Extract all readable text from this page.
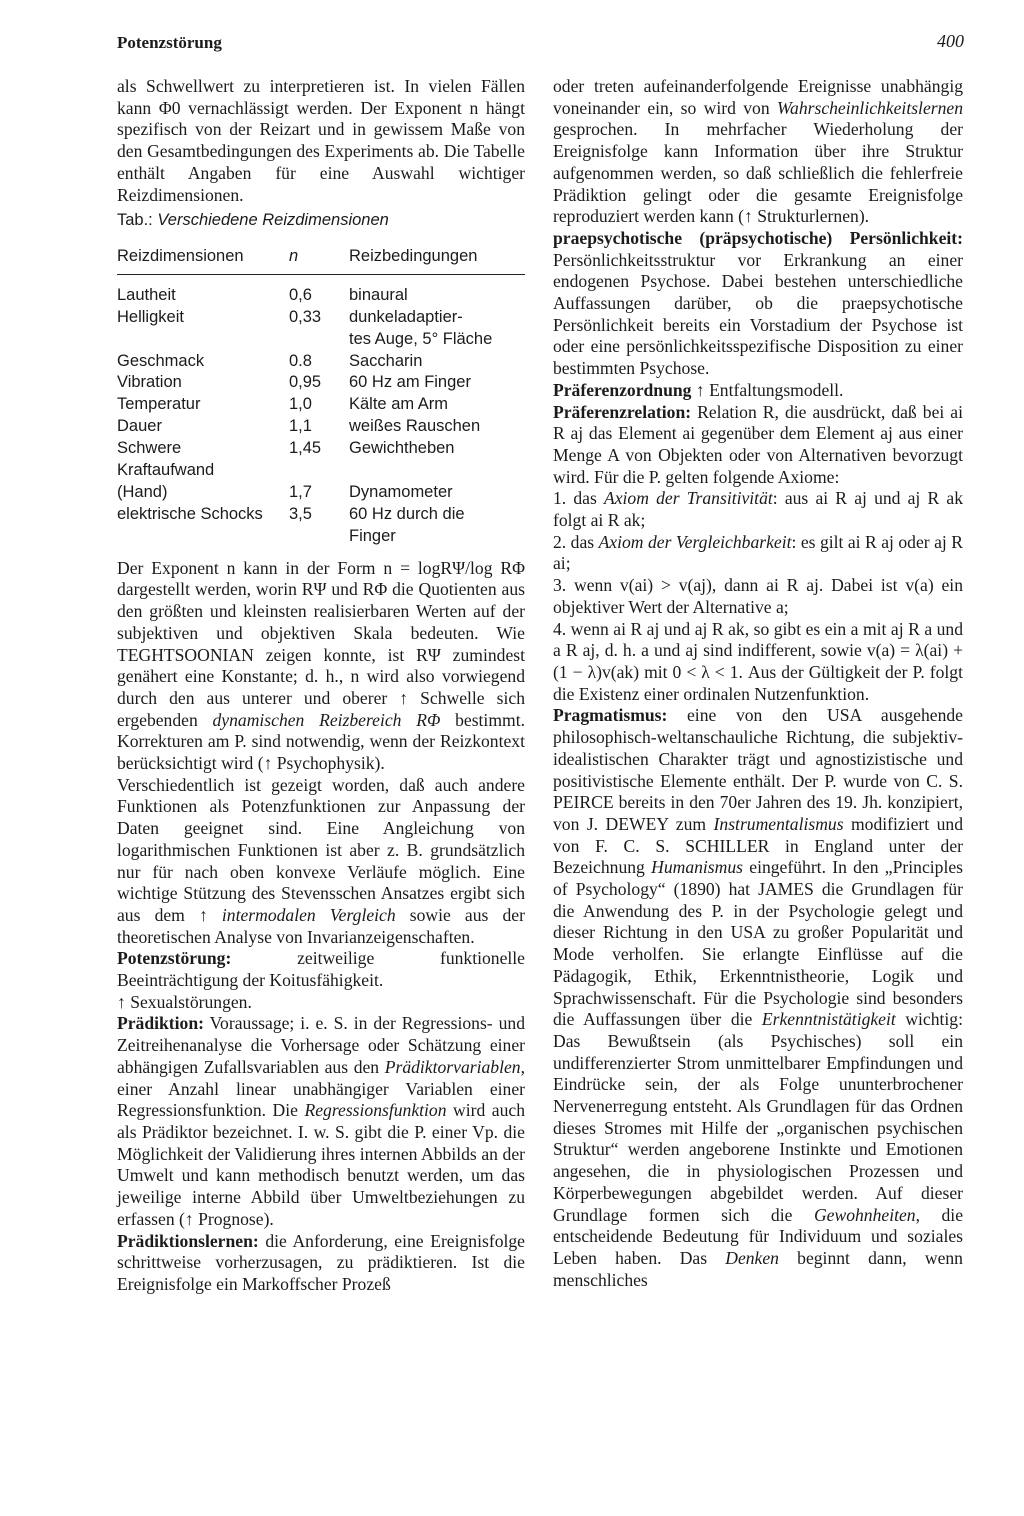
Potenzstörung	400

als Schwellwert zu interpretieren ist. In vielen Fällen kann Φ0 vernachlässigt werden. Der Exponent n hängt spezifisch von der Reizart und in gewissem Maße von den Gesamtbedingungen des Experiments ab. Die Tabelle enthält Angaben für eine Auswahl wichtiger Reizdimensionen.

Tab.: Verschiedene Reizdimensionen
Reizdimensionen	n	Reizbedingungen
Lautheit	0,6	binaural
Helligkeit	0,33	dunkeladaptier-
		tes Auge, 5° Fläche
Geschmack	0.8	Saccharin
Vibration	0,95	60 Hz am Finger
Temperatur	1,0	Kälte am Arm
Dauer	1,1	weißes Rauschen
Schwere	1,45	Gewichtheben
Kraftaufwand		
(Hand)	1,7	Dynamometer
elektrische Schocks	3,5	60 Hz durch die
		Finger

Der Exponent n kann in der Form n = logRΨ/log RΦ dargestellt werden, worin RΨ und RΦ die Quotienten aus den größten und kleinsten realisierbaren Werten auf der subjektiven und objektiven Skala bedeuten. Wie TEGHTSOONIAN zeigen konnte, ist RΨ zumindest genähert eine Konstante; d. h., n wird also vorwiegend durch den aus unterer und oberer ↑ Schwelle sich ergebenden dynamischen Reizbereich RΦ bestimmt. Korrekturen am P. sind notwendig, wenn der Reizkontext berücksichtigt wird (↑ Psychophysik).

Verschiedentlich ist gezeigt worden, daß auch andere Funktionen als Potenzfunktionen zur Anpassung der Daten geeignet sind. Eine Angleichung von logarithmischen Funktionen ist aber z. B. grundsätzlich nur für nach oben konvexe Verläufe möglich. Eine wichtige Stützung des Stevensschen Ansatzes ergibt sich aus dem ↑ intermodalen Vergleich sowie aus der theoretischen Analyse von Invarianzeigenschaften.

Potenzstörung: zeitweilige funktionelle Beeinträchtigung der Koitusfähigkeit.

↑ Sexualstörungen.

Prädiktion: Voraussage; i. e. S. in der Regressions- und Zeitreihenanalyse die Vorhersage oder Schätzung einer abhängigen Zufallsvariablen aus den Prädiktorvariablen, einer Anzahl linear unabhängiger Variablen einer Regressionsfunktion. Die Regressionsfunktion wird auch als Prädiktor bezeichnet. I. w. S. gibt die P. einer Vp. die Möglichkeit der Validierung ihres internen Abbilds an der Umwelt und kann methodisch benutzt werden, um das jeweilige interne Abbild über Umweltbeziehungen zu erfassen (↑ Prognose).

Prädiktionslernen: die Anforderung, eine Ereignisfolge schrittweise vorherzusagen, zu prädiktieren. Ist die Ereignisfolge ein Markoffscher Prozeß

oder treten aufeinanderfolgende Ereignisse unabhängig voneinander ein, so wird von Wahrscheinlichkeitslernen gesprochen. In mehrfacher Wiederholung der Ereignisfolge kann Information über ihre Struktur aufgenommen werden, so daß schließlich die fehlerfreie Prädiktion gelingt oder die gesamte Ereignisfolge reproduziert werden kann (↑ Strukturlernen).

praepsychotische (präpsychotische) Persönlichkeit: Persönlichkeitsstruktur vor Erkrankung an einer endogenen Psychose. Dabei bestehen unterschiedliche Auffassungen darüber, ob die praepsychotische Persönlichkeit bereits ein Vorstadium der Psychose ist oder eine persönlichkeitsspezifische Disposition zu einer bestimmten Psychose.

Präferenzordnung ↑ Entfaltungsmodell.

Präferenzrelation: Relation R, die ausdrückt, daß bei ai R aj das Element ai gegenüber dem Element aj aus einer Menge A von Objekten oder von Alternativen bevorzugt wird. Für die P. gelten folgende Axiome:

1. das Axiom der Transitivität: aus ai R aj und aj R ak folgt ai R ak;

2. das Axiom der Vergleichbarkeit: es gilt ai R aj oder aj R ai;

3. wenn v(ai) > v(aj), dann ai R aj. Dabei ist v(a) ein objektiver Wert der Alternative a;

4. wenn ai R aj und aj R ak, so gibt es ein a mit aj R a und a R aj, d. h. a und aj sind indifferent, sowie v(a) = λ(ai) + (1 − λ)v(ak) mit 0 < λ < 1. Aus der Gültigkeit der P. folgt die Existenz einer ordinalen Nutzenfunktion.

Pragmatismus: eine von den USA ausgehende philosophisch-weltanschauliche Richtung, die subjektiv-idealistischen Charakter trägt und agnostizistische und positivistische Elemente enthält. Der P. wurde von C. S. PEIRCE bereits in den 70er Jahren des 19. Jh. konzipiert, von J. DEWEY zum Instrumentalismus modifiziert und von F. C. S. SCHILLER in England unter der Bezeichnung Humanismus eingeführt. In den „Principles of Psychology“ (1890) hat JAMES die Grundlagen für die Anwendung des P. in der Psychologie gelegt und dieser Richtung in den USA zu großer Popularität und Mode verholfen. Sie erlangte Einflüsse auf die Pädagogik, Ethik, Erkenntnistheorie, Logik und Sprachwissenschaft. Für die Psychologie sind besonders die Auffassungen über die Erkenntnistätigkeit wichtig: Das Bewußtsein (als Psychisches) soll ein undifferenzierter Strom unmittelbarer Empfindungen und Eindrücke sein, der als Folge ununterbrochener Nervenerregung entsteht. Als Grundlagen für das Ordnen dieses Stromes mit Hilfe der „organischen psychischen Struktur“ werden angeborene Instinkte und Emotionen angesehen, die in physiologischen Prozessen und Körperbewegungen abgebildet werden. Auf dieser Grundlage formen sich die Gewohnheiten, die entscheidende Bedeutung für Individuum und soziales Leben haben. Das Denken beginnt dann, wenn menschliches
